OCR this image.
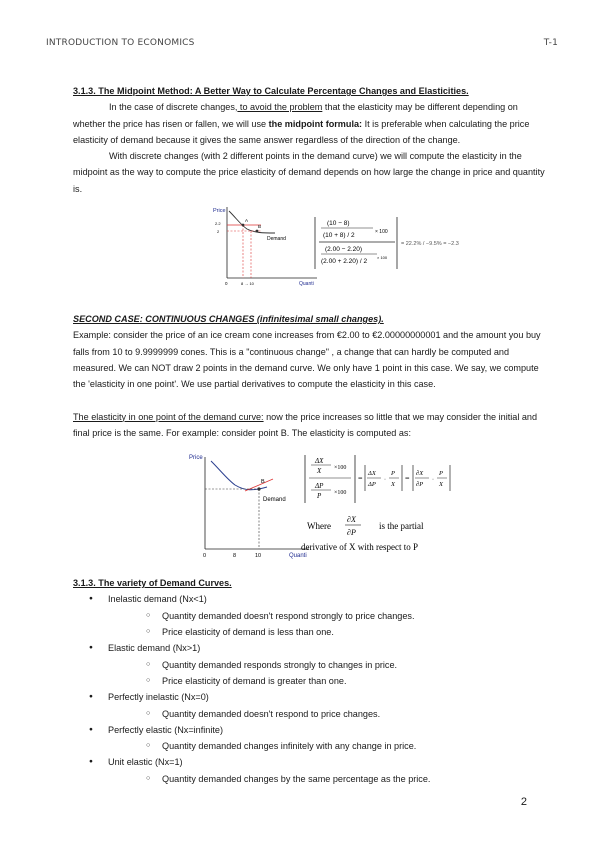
INTRODUCTION TO ECONOMICS	T-1
3.1.3. The Midpoint Method: A Better Way to Calculate Percentage Changes and Elasticities.

In the case of discrete changes, to avoid the problem that the elasticity may be different depending on whether the price has risen or fallen, we will use the midpoint formula: It is preferable when calculating the price elasticity of demand because it gives the same answer regardless of the direction of the change.

With discrete changes (with 2 different points in the demand curve) we will compute the elasticity in the midpoint as the way to compute the price elasticity of demand depends on how large the change in price and quantity is.

Price
2.2
2
A
B
Demand
0	8 → 10	Quanti
(10 − 8)
(10 + 8) / 2	× 100
(2.00 − 2.20)
(2.00 + 2.20) / 2
× 100
= 22.2% / −9.5% = −2.3
SECOND CASE: CONTINUOUS CHANGES (infinitesimal small changes).

Example: consider the price of an ice cream cone increases from €2.00 to €2.00000000001 and the amount you buy falls from 10 to 9.9999999 cones. This is a "continuous change" , a change that can hardly be computed and measured. We can NOT draw 2 points in the demand curve. We only have 1 point in this case. We say, we compute the 'elasticity in one point'. We use partial derivatives to compute the elasticity in this case.

The elasticity in one point of the demand curve: now the price increases so little that we may consider the initial and final price is the same. For example: consider point B. The elasticity is computed as:

Price
B
Demand
0	8	10	Quanti
ΔX
X ×100
ΔP
P ×100
=
ΔX
ΔP
·
P
X
=
∂X
∂P
·
P
X
Where
∂X
∂P
is the partial
derivative of X with respect to P
3.1.3. The variety of Demand Curves.
● Inelastic demand (Nx<1)
○ Quantity demanded doesn't respond strongly to price changes.
○ Price elasticity of demand is less than one.
● Elastic demand (Nx>1)
○ Quantity demanded responds strongly to changes in price.
○ Price elasticity of demand is greater than one.
● Perfectly inelastic (Nx=0)
○ Quantity demanded doesn't respond to price changes.
● Perfectly elastic (Nx=infinite)
○ Quantity demanded changes infinitely with any change in price.
● Unit elastic (Nx=1)
○ Quantity demanded changes by the same percentage as the price.
2
